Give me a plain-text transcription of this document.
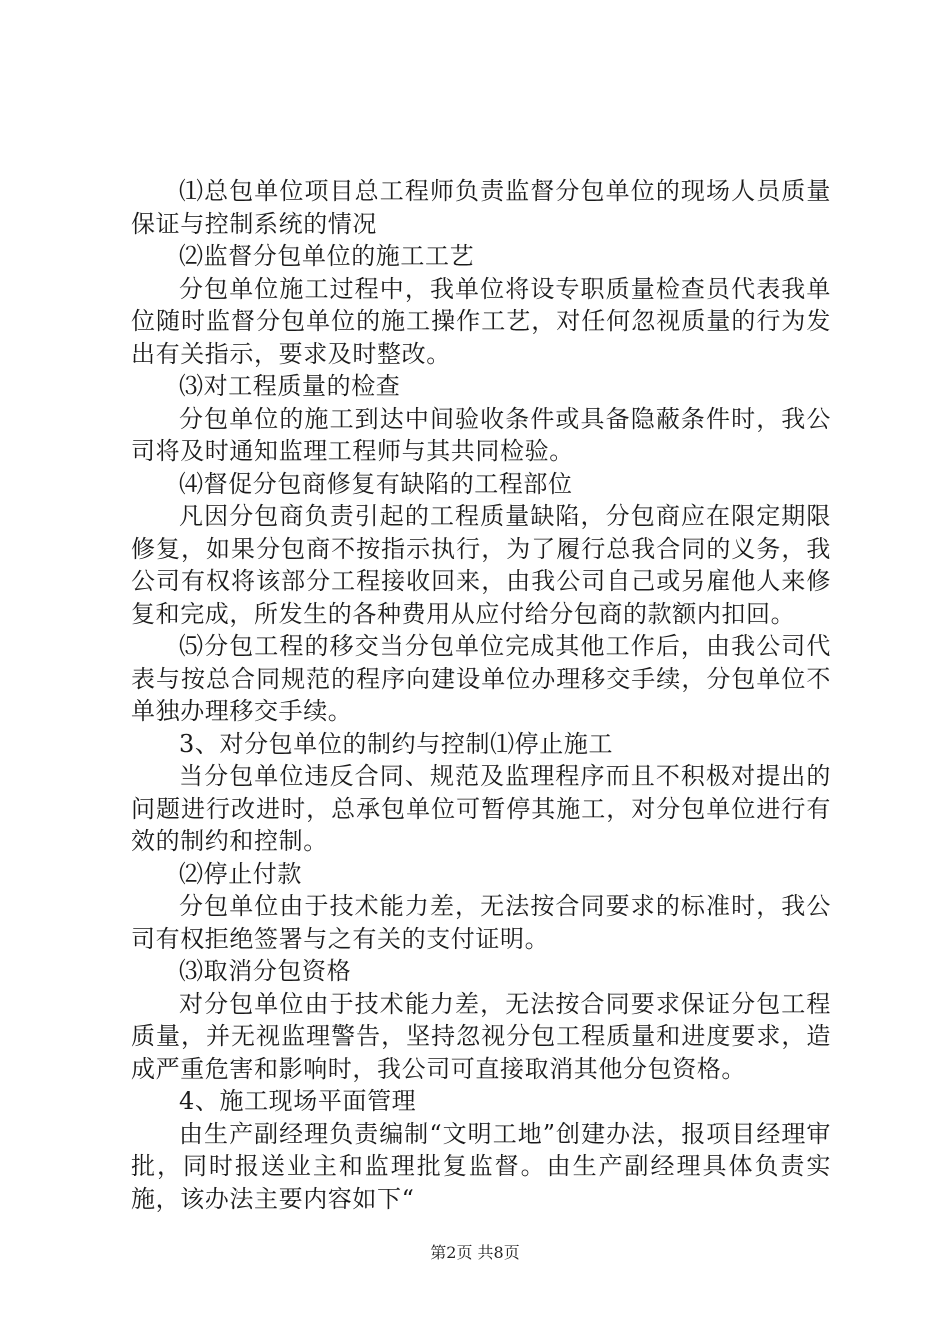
⑴总包单位项目总工程师负责监督分包单位的现场人员质量保证与控制系统的情况

⑵监督分包单位的施工工艺

分包单位施工过程中，我单位将设专职质量检查员代表我单位随时监督分包单位的施工操作工艺，对任何忽视质量的行为发出有关指示，要求及时整改。

⑶对工程质量的检查

分包单位的施工到达中间验收条件或具备隐蔽条件时，我公司将及时通知监理工程师与其共同检验。

⑷督促分包商修复有缺陷的工程部位

凡因分包商负责引起的工程质量缺陷，分包商应在限定期限修复，如果分包商不按指示执行，为了履行总我合同的义务，我公司有权将该部分工程接收回来，由我公司自己或另雇他人来修复和完成，所发生的各种费用从应付给分包商的款额内扣回。

⑸分包工程的移交当分包单位完成其他工作后，由我公司代表与按总合同规范的程序向建设单位办理移交手续，分包单位不单独办理移交手续。

3、对分包单位的制约与控制⑴停止施工

当分包单位违反合同、规范及监理程序而且不积极对提出的问题进行改进时，总承包单位可暂停其施工，对分包单位进行有效的制约和控制。

⑵停止付款

分包单位由于技术能力差，无法按合同要求的标准时，我公司有权拒绝签署与之有关的支付证明。

⑶取消分包资格

对分包单位由于技术能力差，无法按合同要求保证分包工程质量，并无视监理警告，坚持忽视分包工程质量和进度要求，造成严重危害和影响时，我公司可直接取消其他分包资格。

4、施工现场平面管理

由生产副经理负责编制“文明工地”创建办法，报项目经理审批，同时报送业主和监理批复监督。由生产副经理具体负责实施，该办法主要内容如下“

第2页 共8页
